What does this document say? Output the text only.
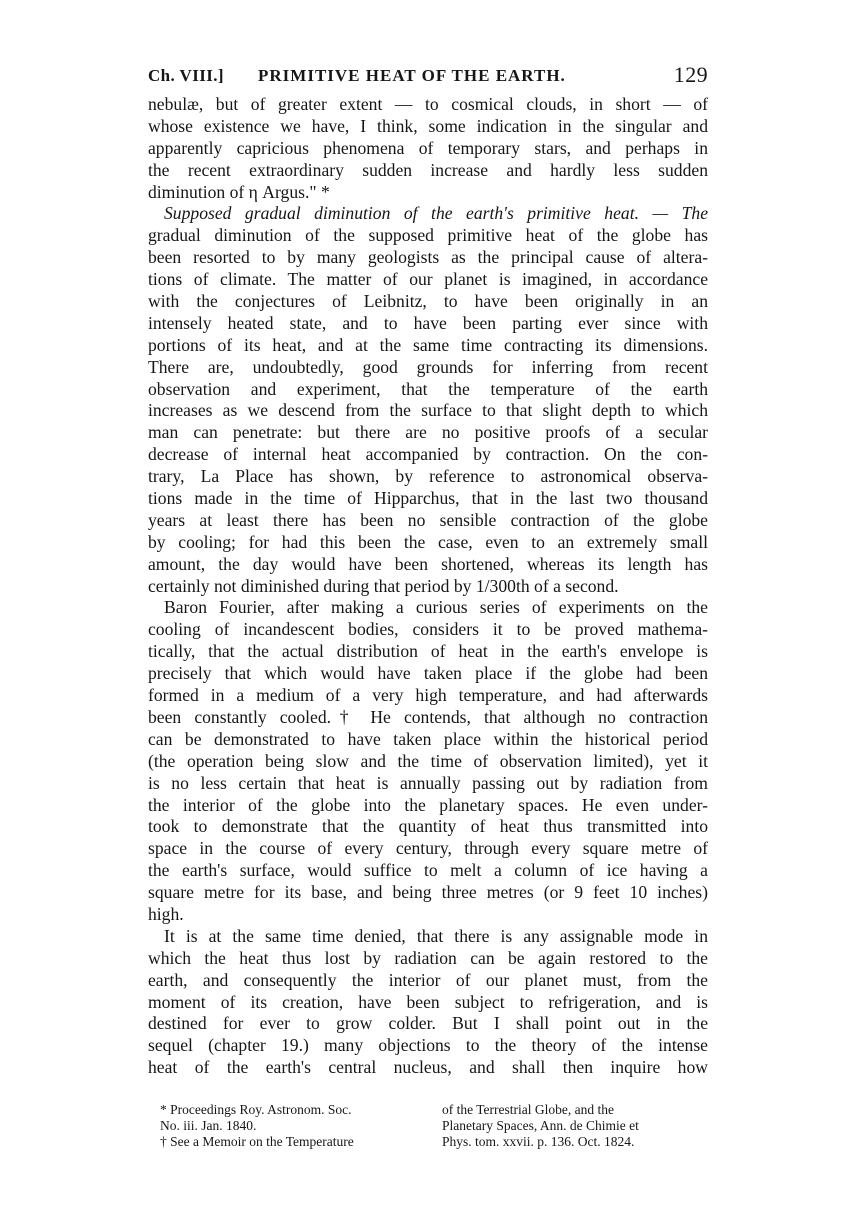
Ch. VIII.] PRIMITIVE HEAT OF THE EARTH.	129
nebulæ, but of greater extent — to cosmical clouds, in short — of
whose existence we have, I think, some indication in the singular and
apparently capricious phenomena of temporary stars, and perhaps in
the recent extraordinary sudden increase and hardly less sudden
diminution of η Argus." *
Supposed gradual diminution of the earth's primitive heat. — The
gradual diminution of the supposed primitive heat of the globe has
been resorted to by many geologists as the principal cause of altera-
tions of climate. The matter of our planet is imagined, in accordance
with the conjectures of Leibnitz, to have been originally in an
intensely heated state, and to have been parting ever since with
portions of its heat, and at the same time contracting its dimensions.
There are, undoubtedly, good grounds for inferring from recent
observation and experiment, that the temperature of the earth
increases as we descend from the surface to that slight depth to which
man can penetrate: but there are no positive proofs of a secular
decrease of internal heat accompanied by contraction. On the con-
trary, La Place has shown, by reference to astronomical observa-
tions made in the time of Hipparchus, that in the last two thousand
years at least there has been no sensible contraction of the globe
by cooling; for had this been the case, even to an extremely small
amount, the day would have been shortened, whereas its length has
certainly not diminished during that period by 1/300th of a second.
Baron Fourier, after making a curious series of experiments on the
cooling of incandescent bodies, considers it to be proved mathema-
tically, that the actual distribution of heat in the earth's envelope is
precisely that which would have taken place if the globe had been
formed in a medium of a very high temperature, and had afterwards
been constantly cooled.† He contends, that although no contraction
can be demonstrated to have taken place within the historical period
(the operation being slow and the time of observation limited), yet it
is no less certain that heat is annually passing out by radiation from
the interior of the globe into the planetary spaces. He even under-
took to demonstrate that the quantity of heat thus transmitted into
space in the course of every century, through every square metre of
the earth's surface, would suffice to melt a column of ice having a
square metre for its base, and being three metres (or 9 feet 10 inches)
high.
It is at the same time denied, that there is any assignable mode in
which the heat thus lost by radiation can be again restored to the
earth, and consequently the interior of our planet must, from the
moment of its creation, have been subject to refrigeration, and is
destined for ever to grow colder. But I shall point out in the
sequel (chapter 19.) many objections to the theory of the intense
heat of the earth's central nucleus, and shall then inquire how
* Proceedings Roy. Astronom. Soc.
No. iii. Jan. 1840.
† See a Memoir on the Temperature
of the Terrestrial Globe, and the
Planetary Spaces, Ann. de Chimie et
Phys. tom. xxvii. p. 136. Oct. 1824.
